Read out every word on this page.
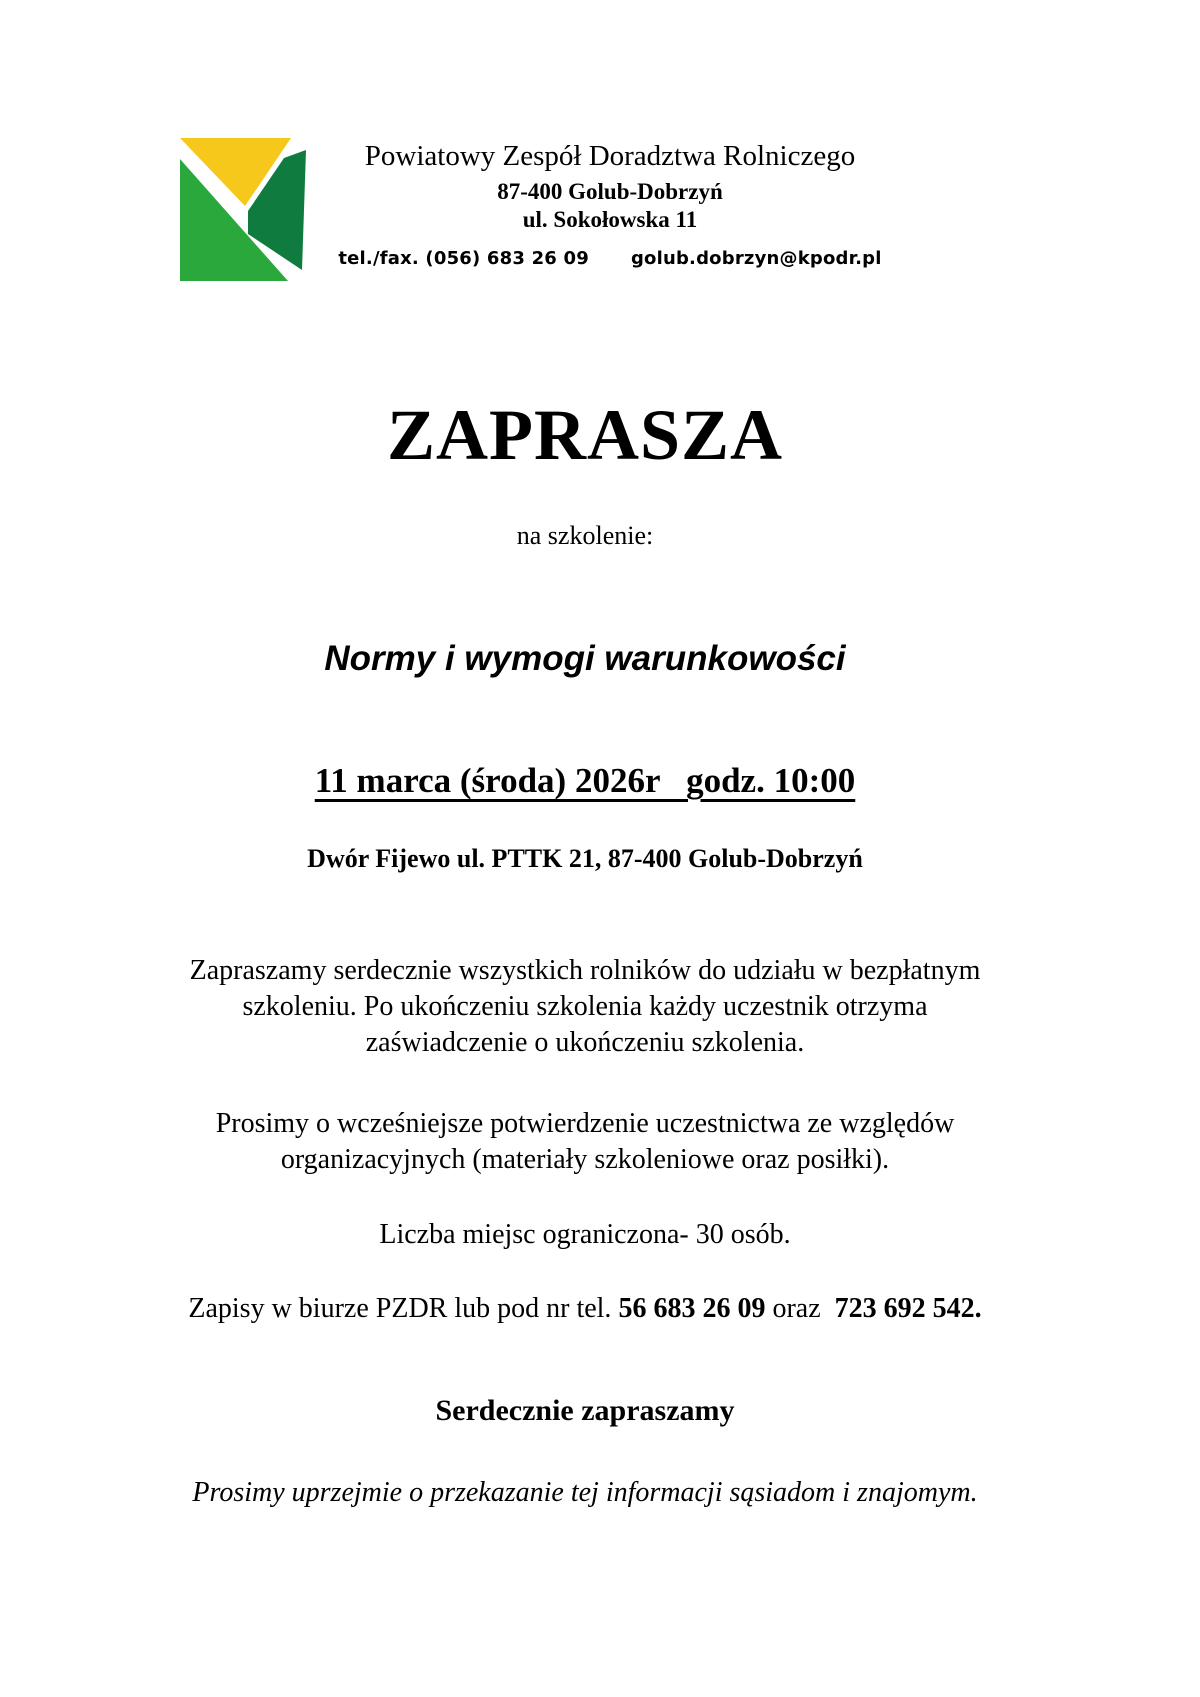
Powiatowy Zespół Doradztwa Rolniczego
87-400 Golub-Dobrzyń
ul. Sokołowska 11
tel./fax. (056) 683 26 09 golub.dobrzyn@kpodr.pl
ZAPRASZA
na szkolenie:
Normy i wymogi warunkowości
11 marca (środa) 2026r   godz. 10:00
Dwór Fijewo ul. PTTK 21, 87-400 Golub-Dobrzyń
Zapraszamy serdecznie wszystkich rolników do udziału w bezpłatnym
szkoleniu. Po ukończeniu szkolenia każdy uczestnik otrzyma
zaświadczenie o ukończeniu szkolenia.
Prosimy o wcześniejsze potwierdzenie uczestnictwa ze względów
organizacyjnych (materiały szkoleniowe oraz posiłki).
Liczba miejsc ograniczona- 30 osób.
Zapisy w biurze PZDR lub pod nr tel. 56 683 26 09 oraz  723 692 542.
Serdecznie zapraszamy
Prosimy uprzejmie o przekazanie tej informacji sąsiadom i znajomym.
